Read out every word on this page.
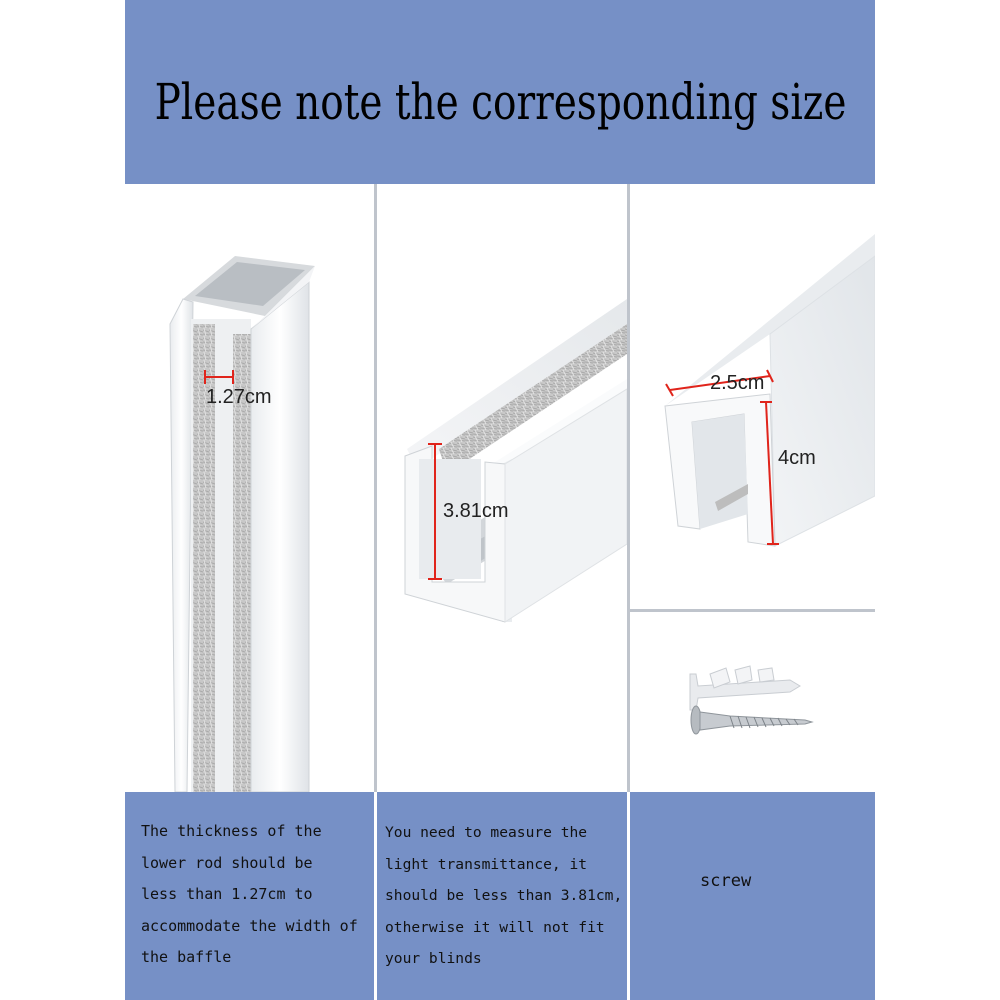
Please note the corresponding size
1.27cm
3.81cm
2.5cm
4cm
The thickness of the
lower rod should be
less than 1.27cm to
accommodate the width of
the baffle
You need to measure the
light transmittance, it
should be less than 3.81cm,
otherwise it will not fit
your blinds
screw
